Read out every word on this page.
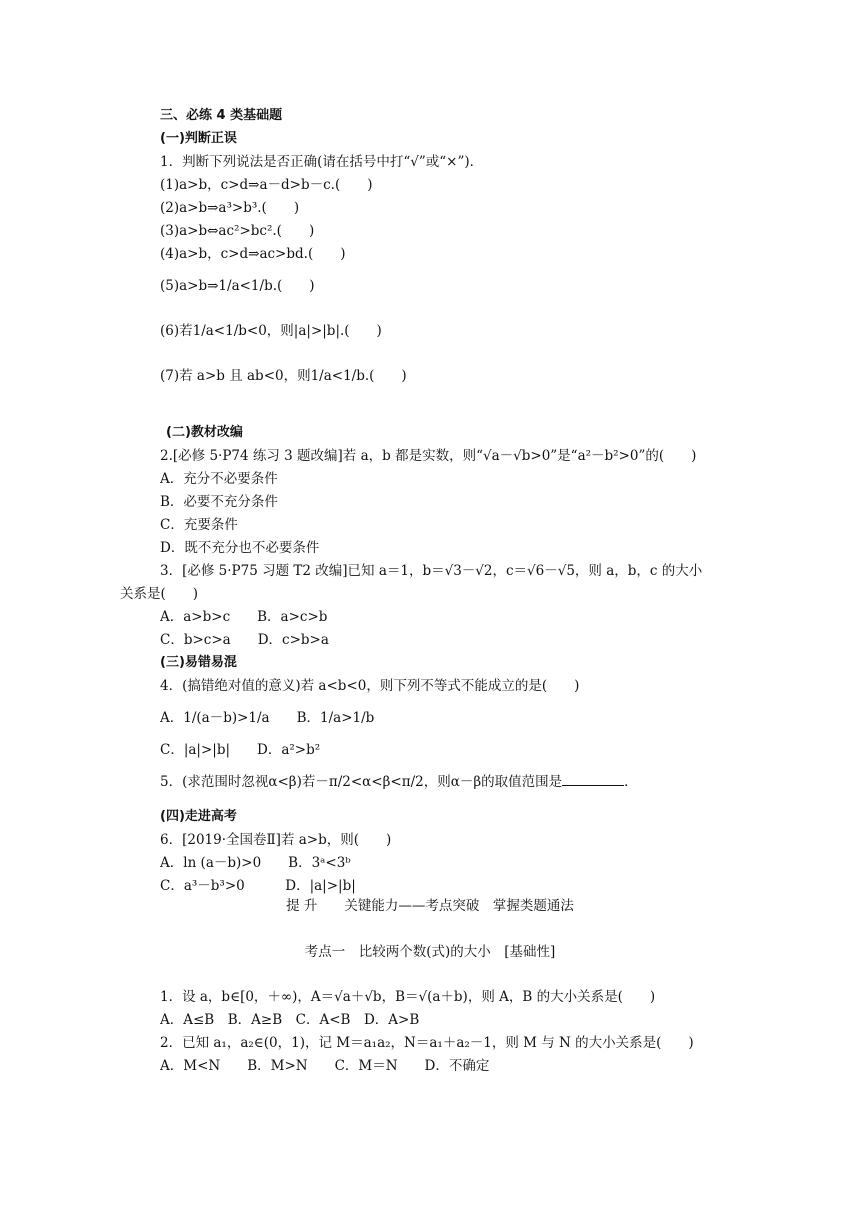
三、必练 4 类基础题
(一)判断正误
1．判断下列说法是否正确(请在括号中打“√”或“×”)．
(1)a>b，c>d⇒a－d>b－c.(　　)
(2)a>b⇒a³>b³.(　　)
(3)a>b⇔ac²>bc².(　　)
(4)a>b，c>d⇒ac>bd.(　　)
(5)a>b⇒1/a<1/b.(　　)
(6)若1/a<1/b<0，则|a|>|b|.(　　)
(7)若 a>b 且 ab<0，则1/a<1/b.(　　)
(二)教材改编
2.[必修 5·P74 练习 3 题改编]若 a，b 都是实数，则“√a－√b>0”是“a²－b²>0”的(　　)
A．充分不必要条件
B．必要不充分条件
C．充要条件
D．既不充分也不必要条件
3．[必修 5·P75 习题 T2 改编]已知 a＝1，b＝√3－√2，c＝√6－√5，则 a，b，c 的大小
关系是(　　)
A．a>b>c　　B．a>c>b
C．b>c>a　　D．c>b>a
(三)易错易混
4．(搞错绝对值的意义)若 a<b<0，则下列不等式不能成立的是(　　)
A．1/(a－b)>1/a　　B．1/a>1/b
C．|a|>|b|　　D．a²>b²
5．(求范围时忽视α<β)若－π/2<α<β<π/2，则α－β的取值范围是	．
(四)走进高考
6．[2019·全国卷Ⅱ]若 a>b，则(　　)
A．ln (a－b)>0　　B．3ᵃ<3ᵇ
C．a³－b³>0　　　D．|a|>|b|
提 升　　关键能力——考点突破　掌握类题通法
考点一　比较两个数(式)的大小　[基础性]
1．设 a，b∈[0，＋∞)，A＝√a＋√b，B＝√(a＋b)，则 A，B 的大小关系是(　　)
A．A≤B　B．A≥B　C．A<B　D．A>B
2．已知 a₁，a₂∈(0，1)，记 M＝a₁a₂，N＝a₁＋a₂－1，则 M 与 N 的大小关系是(　　)
A．M<N　　B．M>N　　C．M＝N　　D．不确定
